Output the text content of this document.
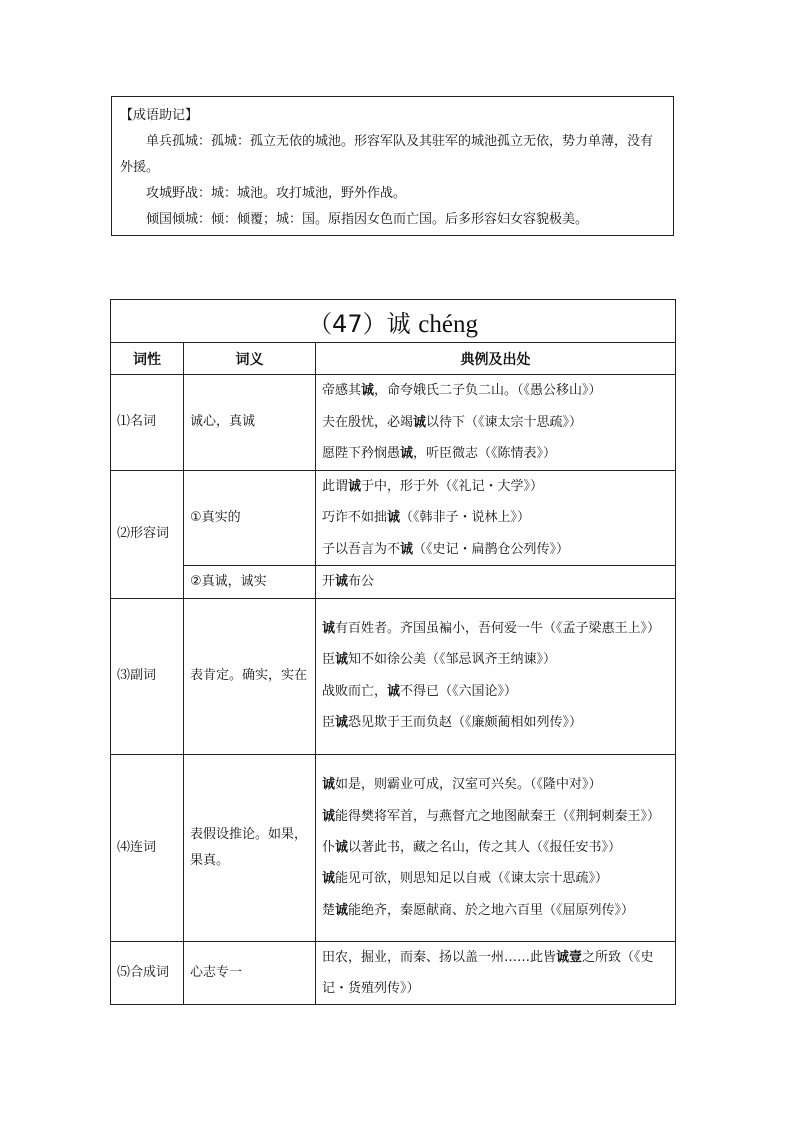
【成语助记】

单兵孤城：孤城：孤立无依的城池。形容军队及其驻军的城池孤立无依，势力单薄，没有外援。

攻城野战：城：城池。攻打城池，野外作战。

倾国倾城：倾：倾覆；城：国。原指因女色而亡国。后多形容妇女容貌极美。

（47）诚 chéng		
词性	词义	典例及出处
⑴名词	诚心，真诚	帝感其诚，命夸娥氏二子负二山。（《愚公移山》）
夫在殷忧，必竭诚以待下（《谏太宗十思疏》）
愿陛下矜悯愚诚，听臣微志（《陈情表》）

⑵形容词	①真实的	此谓诚于中，形于外（《礼记・大学》）
巧诈不如拙诚（《韩非子・说林上》）
子以吾言为不诚（《史记・扁鹊仓公列传》）

	②真诚，诚实	开诚布公

⑶副词	表肯定。确实，实在	诚有百姓者。齐国虽褊小，吾何爱一牛（《孟子梁惠王上》）
臣诚知不如徐公美（《邹忌讽齐王纳谏》）
战败而亡，诚不得已（《六国论》）
臣诚恐见欺于王而负赵（《廉颇蔺相如列传》）

⑷连词	表假设推论。如果，果真。	诚如是，则霸业可成，汉室可兴矣。（《隆中对》）
诚能得樊将军首，与燕督亢之地图献秦王（《荆轲刺秦王》）
仆诚以著此书，藏之名山，传之其人（《报任安书》）
诚能见可欲，则思知足以自戒（《谏太宗十思疏》）
楚诚能绝齐，秦愿献商、於之地六百里（《屈原列传》）

⑸合成词	心志专一	田农，掘业，而秦、扬以盖一州……此皆诚壹之所致（《史记・货殖列传》）
